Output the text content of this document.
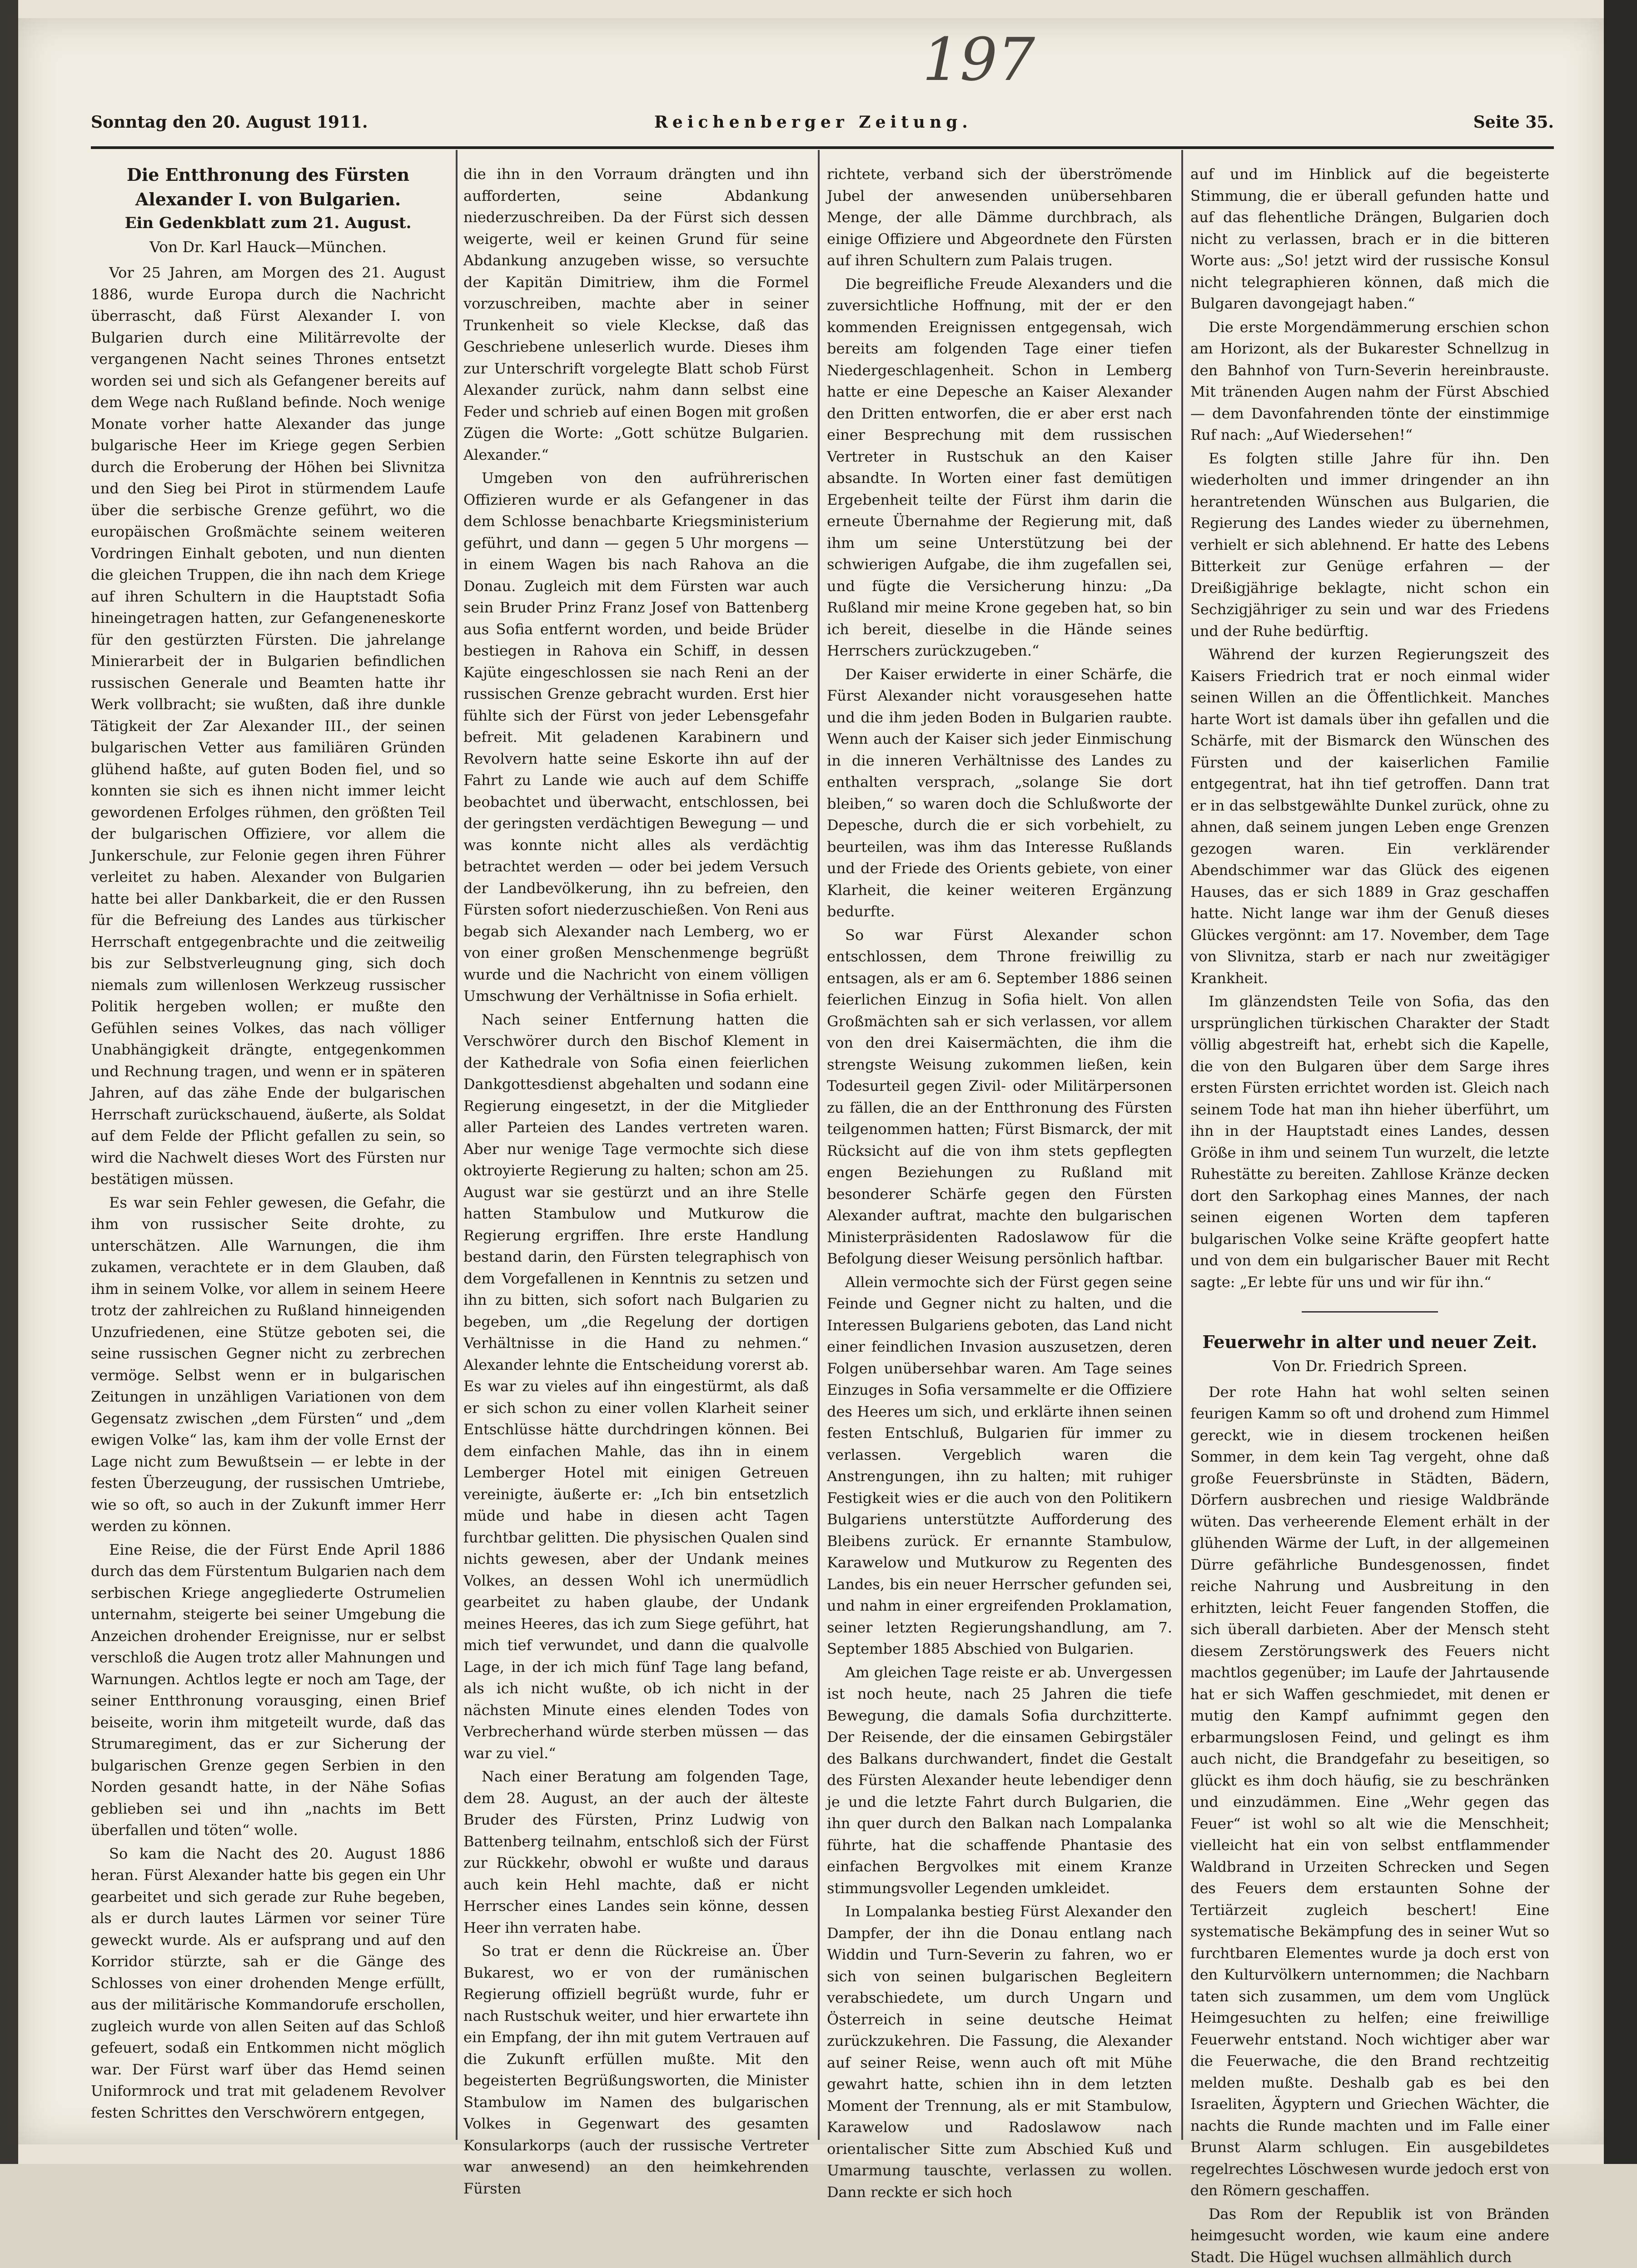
197
Sonntag den 20. August 1911.	Reichenberger Zeitung.	Seite 35.

Die Entthronung des Fürsten

Alexander I. von Bulgarien.

Ein Gedenkblatt zum 21. August.

Von Dr. Karl Hauck—München.

Vor 25 Jahren, am Morgen des 21. August 1886, wurde Europa durch die Nachricht überrascht, daß Fürst Alexander I. von Bulgarien durch eine Militärrevolte der vergangenen Nacht seines Thrones entsetzt worden sei und sich als Gefangener bereits auf dem Wege nach Rußland befinde. Noch wenige Monate vorher hatte Alexander das junge bulgarische Heer im Kriege gegen Serbien durch die Eroberung der Höhen bei Slivnitza und den Sieg bei Pirot in stürmendem Laufe über die serbische Grenze geführt, wo die europäischen Großmächte seinem weiteren Vordringen Einhalt geboten, und nun dienten die gleichen Truppen, die ihn nach dem Kriege auf ihren Schultern in die Hauptstadt Sofia hineingetragen hatten, zur Gefangeneneskorte für den gestürzten Fürsten. Die jahrelange Minierarbeit der in Bulgarien befindlichen russischen Generale und Beamten hatte ihr Werk vollbracht; sie wußten, daß ihre dunkle Tätigkeit der Zar Alexander III., der seinen bulgarischen Vetter aus familiären Gründen glühend haßte, auf guten Boden fiel, und so konnten sie sich es ihnen nicht immer leicht gewordenen Erfolges rühmen, den größten Teil der bulgarischen Offiziere, vor allem die Junkerschule, zur Felonie gegen ihren Führer verleitet zu haben. Alexander von Bulgarien hatte bei aller Dankbarkeit, die er den Russen für die Befreiung des Landes aus türkischer Herrschaft entgegenbrachte und die zeitweilig bis zur Selbstverleugnung ging, sich doch niemals zum willenlosen Werkzeug russischer Politik hergeben wollen; er mußte den Gefühlen seines Volkes, das nach völliger Unabhängigkeit drängte, entgegenkommen und Rechnung tragen, und wenn er in späteren Jahren, auf das zähe Ende der bulgarischen Herrschaft zurückschauend, äußerte, als Soldat auf dem Felde der Pflicht gefallen zu sein, so wird die Nachwelt dieses Wort des Fürsten nur bestätigen müssen.

Es war sein Fehler gewesen, die Gefahr, die ihm von russischer Seite drohte, zu unterschätzen. Alle Warnungen, die ihm zukamen, verachtete er in dem Glauben, daß ihm in seinem Volke, vor allem in seinem Heere trotz der zahlreichen zu Rußland hinneigenden Unzufriedenen, eine Stütze geboten sei, die seine russischen Gegner nicht zu zerbrechen vermöge. Selbst wenn er in bulgarischen Zeitungen in unzähligen Variationen von dem Gegensatz zwischen „dem Fürsten“ und „dem ewigen Volke“ las, kam ihm der volle Ernst der Lage nicht zum Bewußtsein — er lebte in der festen Überzeugung, der russischen Umtriebe, wie so oft, so auch in der Zukunft immer Herr werden zu können.

Eine Reise, die der Fürst Ende April 1886 durch das dem Fürstentum Bulgarien nach dem serbischen Kriege angegliederte Ostrumelien unternahm, steigerte bei seiner Umgebung die Anzeichen drohender Ereignisse, nur er selbst verschloß die Augen trotz aller Mahnungen und Warnungen. Achtlos legte er noch am Tage, der seiner Entthronung vorausging, einen Brief beiseite, worin ihm mitgeteilt wurde, daß das Strumaregiment, das er zur Sicherung der bulgarischen Grenze gegen Serbien in den Norden gesandt hatte, in der Nähe Sofias geblieben sei und ihn „nachts im Bett überfallen und töten“ wolle.

So kam die Nacht des 20. August 1886 heran. Fürst Alexander hatte bis gegen ein Uhr gearbeitet und sich gerade zur Ruhe begeben, als er durch lautes Lärmen vor seiner Türe geweckt wurde. Als er aufsprang und auf den Korridor stürzte, sah er die Gänge des Schlosses von einer drohenden Menge erfüllt, aus der militärische Kommandorufe erschollen, zugleich wurde von allen Seiten auf das Schloß gefeuert, sodaß ein Entkommen nicht möglich war. Der Fürst warf über das Hemd seinen Uniformrock und trat mit geladenem Revolver festen Schrittes den Verschwörern entgegen,

die ihn in den Vorraum drängten und ihn aufforderten, seine Abdankung niederzuschreiben. Da der Fürst sich dessen weigerte, weil er keinen Grund für seine Abdankung anzugeben wisse, so versuchte der Kapitän Dimitriew, ihm die Formel vorzuschreiben, machte aber in seiner Trunkenheit so viele Kleckse, daß das Geschriebene unleserlich wurde. Dieses ihm zur Unterschrift vorgelegte Blatt schob Fürst Alexander zurück, nahm dann selbst eine Feder und schrieb auf einen Bogen mit großen Zügen die Worte: „Gott schütze Bulgarien. Alexander.“

Umgeben von den aufrührerischen Offizieren wurde er als Gefangener in das dem Schlosse benachbarte Kriegsministerium geführt, und dann — gegen 5 Uhr morgens — in einem Wagen bis nach Rahova an die Donau. Zugleich mit dem Fürsten war auch sein Bruder Prinz Franz Josef von Battenberg aus Sofia entfernt worden, und beide Brüder bestiegen in Rahova ein Schiff, in dessen Kajüte eingeschlossen sie nach Reni an der russischen Grenze gebracht wurden. Erst hier fühlte sich der Fürst von jeder Lebensgefahr befreit. Mit geladenen Karabinern und Revolvern hatte seine Eskorte ihn auf der Fahrt zu Lande wie auch auf dem Schiffe beobachtet und überwacht, entschlossen, bei der geringsten verdächtigen Bewegung — und was konnte nicht alles als verdächtig betrachtet werden — oder bei jedem Versuch der Landbevölkerung, ihn zu befreien, den Fürsten sofort niederzuschießen. Von Reni aus begab sich Alexander nach Lemberg, wo er von einer großen Menschenmenge begrüßt wurde und die Nachricht von einem völligen Umschwung der Verhältnisse in Sofia erhielt.

Nach seiner Entfernung hatten die Verschwörer durch den Bischof Klement in der Kathedrale von Sofia einen feierlichen Dankgottesdienst abgehalten und sodann eine Regierung eingesetzt, in der die Mitglieder aller Parteien des Landes vertreten waren. Aber nur wenige Tage vermochte sich diese oktroyierte Regierung zu halten; schon am 25. August war sie gestürzt und an ihre Stelle hatten Stambulow und Mutkurow die Regierung ergriffen. Ihre erste Handlung bestand darin, den Fürsten telegraphisch von dem Vorgefallenen in Kenntnis zu setzen und ihn zu bitten, sich sofort nach Bulgarien zu begeben, um „die Regelung der dortigen Verhältnisse in die Hand zu nehmen.“ Alexander lehnte die Entscheidung vorerst ab. Es war zu vieles auf ihn eingestürmt, als daß er sich schon zu einer vollen Klarheit seiner Entschlüsse hätte durchdringen können. Bei dem einfachen Mahle, das ihn in einem Lemberger Hotel mit einigen Getreuen vereinigte, äußerte er: „Ich bin entsetzlich müde und habe in diesen acht Tagen furchtbar gelitten. Die physischen Qualen sind nichts gewesen, aber der Undank meines Volkes, an dessen Wohl ich unermüdlich gearbeitet zu haben glaube, der Undank meines Heeres, das ich zum Siege geführt, hat mich tief verwundet, und dann die qualvolle Lage, in der ich mich fünf Tage lang befand, als ich nicht wußte, ob ich nicht in der nächsten Minute eines elenden Todes von Verbrecherhand würde sterben müssen — das war zu viel.“

Nach einer Beratung am folgenden Tage, dem 28. August, an der auch der älteste Bruder des Fürsten, Prinz Ludwig von Battenberg teilnahm, entschloß sich der Fürst zur Rückkehr, obwohl er wußte und daraus auch kein Hehl machte, daß er nicht Herrscher eines Landes sein könne, dessen Heer ihn verraten habe.

So trat er denn die Rückreise an. Über Bukarest, wo er von der rumänischen Regierung offiziell begrüßt wurde, fuhr er nach Rustschuk weiter, und hier erwartete ihn ein Empfang, der ihn mit gutem Vertrauen auf die Zukunft erfüllen mußte. Mit den begeisterten Begrüßungsworten, die Minister Stambulow im Namen des bulgarischen Volkes in Gegenwart des gesamten Konsularkorps (auch der russische Vertreter war anwesend) an den heimkehrenden Fürsten

richtete, verband sich der überströmende Jubel der anwesenden unübersehbaren Menge, der alle Dämme durchbrach, als einige Offiziere und Abgeordnete den Fürsten auf ihren Schultern zum Palais trugen.

Die begreifliche Freude Alexanders und die zuversichtliche Hoffnung, mit der er den kommenden Ereignissen entgegensah, wich bereits am folgenden Tage einer tiefen Niedergeschlagenheit. Schon in Lemberg hatte er eine Depesche an Kaiser Alexander den Dritten entworfen, die er aber erst nach einer Besprechung mit dem russischen Vertreter in Rustschuk an den Kaiser absandte. In Worten einer fast demütigen Ergebenheit teilte der Fürst ihm darin die erneute Übernahme der Regierung mit, daß ihm um seine Unterstützung bei der schwierigen Aufgabe, die ihm zugefallen sei, und fügte die Versicherung hinzu: „Da Rußland mir meine Krone gegeben hat, so bin ich bereit, dieselbe in die Hände seines Herrschers zurückzugeben.“

Der Kaiser erwiderte in einer Schärfe, die Fürst Alexander nicht vorausgesehen hatte und die ihm jeden Boden in Bulgarien raubte. Wenn auch der Kaiser sich jeder Einmischung in die inneren Verhältnisse des Landes zu enthalten versprach, „solange Sie dort bleiben,“ so waren doch die Schlußworte der Depesche, durch die er sich vorbehielt, zu beurteilen, was ihm das Interesse Rußlands und der Friede des Orients gebiete, von einer Klarheit, die keiner weiteren Ergänzung bedurfte.

So war Fürst Alexander schon entschlossen, dem Throne freiwillig zu entsagen, als er am 6. September 1886 seinen feierlichen Einzug in Sofia hielt. Von allen Großmächten sah er sich verlassen, vor allem von den drei Kaisermächten, die ihm die strengste Weisung zukommen ließen, kein Todesurteil gegen Zivil- oder Militärpersonen zu fällen, die an der Entthronung des Fürsten teilgenommen hatten; Fürst Bismarck, der mit Rücksicht auf die von ihm stets gepflegten engen Beziehungen zu Rußland mit besonderer Schärfe gegen den Fürsten Alexander auftrat, machte den bulgarischen Ministerpräsidenten Radoslawow für die Befolgung dieser Weisung persönlich haftbar.

Allein vermochte sich der Fürst gegen seine Feinde und Gegner nicht zu halten, und die Interessen Bulgariens geboten, das Land nicht einer feindlichen Invasion auszusetzen, deren Folgen unübersehbar waren. Am Tage seines Einzuges in Sofia versammelte er die Offiziere des Heeres um sich, und erklärte ihnen seinen festen Entschluß, Bulgarien für immer zu verlassen. Vergeblich waren die Anstrengungen, ihn zu halten; mit ruhiger Festigkeit wies er die auch von den Politikern Bulgariens unterstützte Aufforderung des Bleibens zurück. Er ernannte Stambulow, Karawelow und Mutkurow zu Regenten des Landes, bis ein neuer Herrscher gefunden sei, und nahm in einer ergreifenden Proklamation, seiner letzten Regierungshandlung, am 7. September 1885 Abschied von Bulgarien.

Am gleichen Tage reiste er ab. Unvergessen ist noch heute, nach 25 Jahren die tiefe Bewegung, die damals Sofia durchzitterte. Der Reisende, der die einsamen Gebirgstäler des Balkans durchwandert, findet die Gestalt des Fürsten Alexander heute lebendiger denn je und die letzte Fahrt durch Bulgarien, die ihn quer durch den Balkan nach Lompalanka führte, hat die schaffende Phantasie des einfachen Bergvolkes mit einem Kranze stimmungsvoller Legenden umkleidet.

In Lompalanka bestieg Fürst Alexander den Dampfer, der ihn die Donau entlang nach Widdin und Turn-Severin zu fahren, wo er sich von seinen bulgarischen Begleitern verabschiedete, um durch Ungarn und Österreich in seine deutsche Heimat zurückzukehren. Die Fassung, die Alexander auf seiner Reise, wenn auch oft mit Mühe gewahrt hatte, schien ihn in dem letzten Moment der Trennung, als er mit Stambulow, Karawelow und Radoslawow nach orientalischer Sitte zum Abschied Kuß und Umarmung tauschte, verlassen zu wollen. Dann reckte er sich hoch

auf und im Hinblick auf die begeisterte Stimmung, die er überall gefunden hatte und auf das flehentliche Drängen, Bulgarien doch nicht zu verlassen, brach er in die bitteren Worte aus: „So! jetzt wird der russische Konsul nicht telegraphieren können, daß mich die Bulgaren davongejagt haben.“

Die erste Morgendämmerung erschien schon am Horizont, als der Bukarester Schnellzug in den Bahnhof von Turn-Severin hereinbrauste. Mit tränenden Augen nahm der Fürst Abschied — dem Davonfahrenden tönte der einstimmige Ruf nach: „Auf Wiedersehen!“

Es folgten stille Jahre für ihn. Den wiederholten und immer dringender an ihn herantretenden Wünschen aus Bulgarien, die Regierung des Landes wieder zu übernehmen, verhielt er sich ablehnend. Er hatte des Lebens Bitterkeit zur Genüge erfahren — der Dreißigjährige beklagte, nicht schon ein Sechzigjähriger zu sein und war des Friedens und der Ruhe bedürftig.

Während der kurzen Regierungszeit des Kaisers Friedrich trat er noch einmal wider seinen Willen an die Öffentlichkeit. Manches harte Wort ist damals über ihn gefallen und die Schärfe, mit der Bismarck den Wünschen des Fürsten und der kaiserlichen Familie entgegentrat, hat ihn tief getroffen. Dann trat er in das selbstgewählte Dunkel zurück, ohne zu ahnen, daß seinem jungen Leben enge Grenzen gezogen waren. Ein verklärender Abendschimmer war das Glück des eigenen Hauses, das er sich 1889 in Graz geschaffen hatte. Nicht lange war ihm der Genuß dieses Glückes vergönnt: am 17. November, dem Tage von Slivnitza, starb er nach nur zweitägiger Krankheit.

Im glänzendsten Teile von Sofia, das den ursprünglichen türkischen Charakter der Stadt völlig abgestreift hat, erhebt sich die Kapelle, die von den Bulgaren über dem Sarge ihres ersten Fürsten errichtet worden ist. Gleich nach seinem Tode hat man ihn hieher überführt, um ihn in der Hauptstadt eines Landes, dessen Größe in ihm und seinem Tun wurzelt, die letzte Ruhestätte zu bereiten. Zahllose Kränze decken dort den Sarkophag eines Mannes, der nach seinen eigenen Worten dem tapferen bulgarischen Volke seine Kräfte geopfert hatte und von dem ein bulgarischer Bauer mit Recht sagte: „Er lebte für uns und wir für ihn.“

Feuerwehr in alter und neuer Zeit.

Von Dr. Friedrich Spreen.

Der rote Hahn hat wohl selten seinen feurigen Kamm so oft und drohend zum Himmel gereckt, wie in diesem trockenen heißen Sommer, in dem kein Tag vergeht, ohne daß große Feuersbrünste in Städten, Bädern, Dörfern ausbrechen und riesige Waldbrände wüten. Das verheerende Element erhält in der glühenden Wärme der Luft, in der allgemeinen Dürre gefährliche Bundesgenossen, findet reiche Nahrung und Ausbreitung in den erhitzten, leicht Feuer fangenden Stoffen, die sich überall darbieten. Aber der Mensch steht diesem Zerstörungswerk des Feuers nicht machtlos gegenüber; im Laufe der Jahrtausende hat er sich Waffen geschmiedet, mit denen er mutig den Kampf aufnimmt gegen den erbarmungslosen Feind, und gelingt es ihm auch nicht, die Brandgefahr zu beseitigen, so glückt es ihm doch häufig, sie zu beschränken und einzudämmen. Eine „Wehr gegen das Feuer“ ist wohl so alt wie die Menschheit; vielleicht hat ein von selbst entflammender Waldbrand in Urzeiten Schrecken und Segen des Feuers dem erstaunten Sohne der Tertiärzeit zugleich beschert! Eine systematische Bekämpfung des in seiner Wut so furchtbaren Elementes wurde ja doch erst von den Kulturvölkern unternommen; die Nachbarn taten sich zusammen, um dem vom Unglück Heimgesuchten zu helfen; eine freiwillige Feuerwehr entstand. Noch wichtiger aber war die Feuerwache, die den Brand rechtzeitig melden mußte. Deshalb gab es bei den Israeliten, Ägyptern und Griechen Wächter, die nachts die Runde machten und im Falle einer Brunst Alarm schlugen. Ein ausgebildetes regelrechtes Löschwesen wurde jedoch erst von den Römern geschaffen.

Das Rom der Republik ist von Bränden heimgesucht worden, wie kaum eine andere Stadt. Die Hügel wuchsen allmählich durch
